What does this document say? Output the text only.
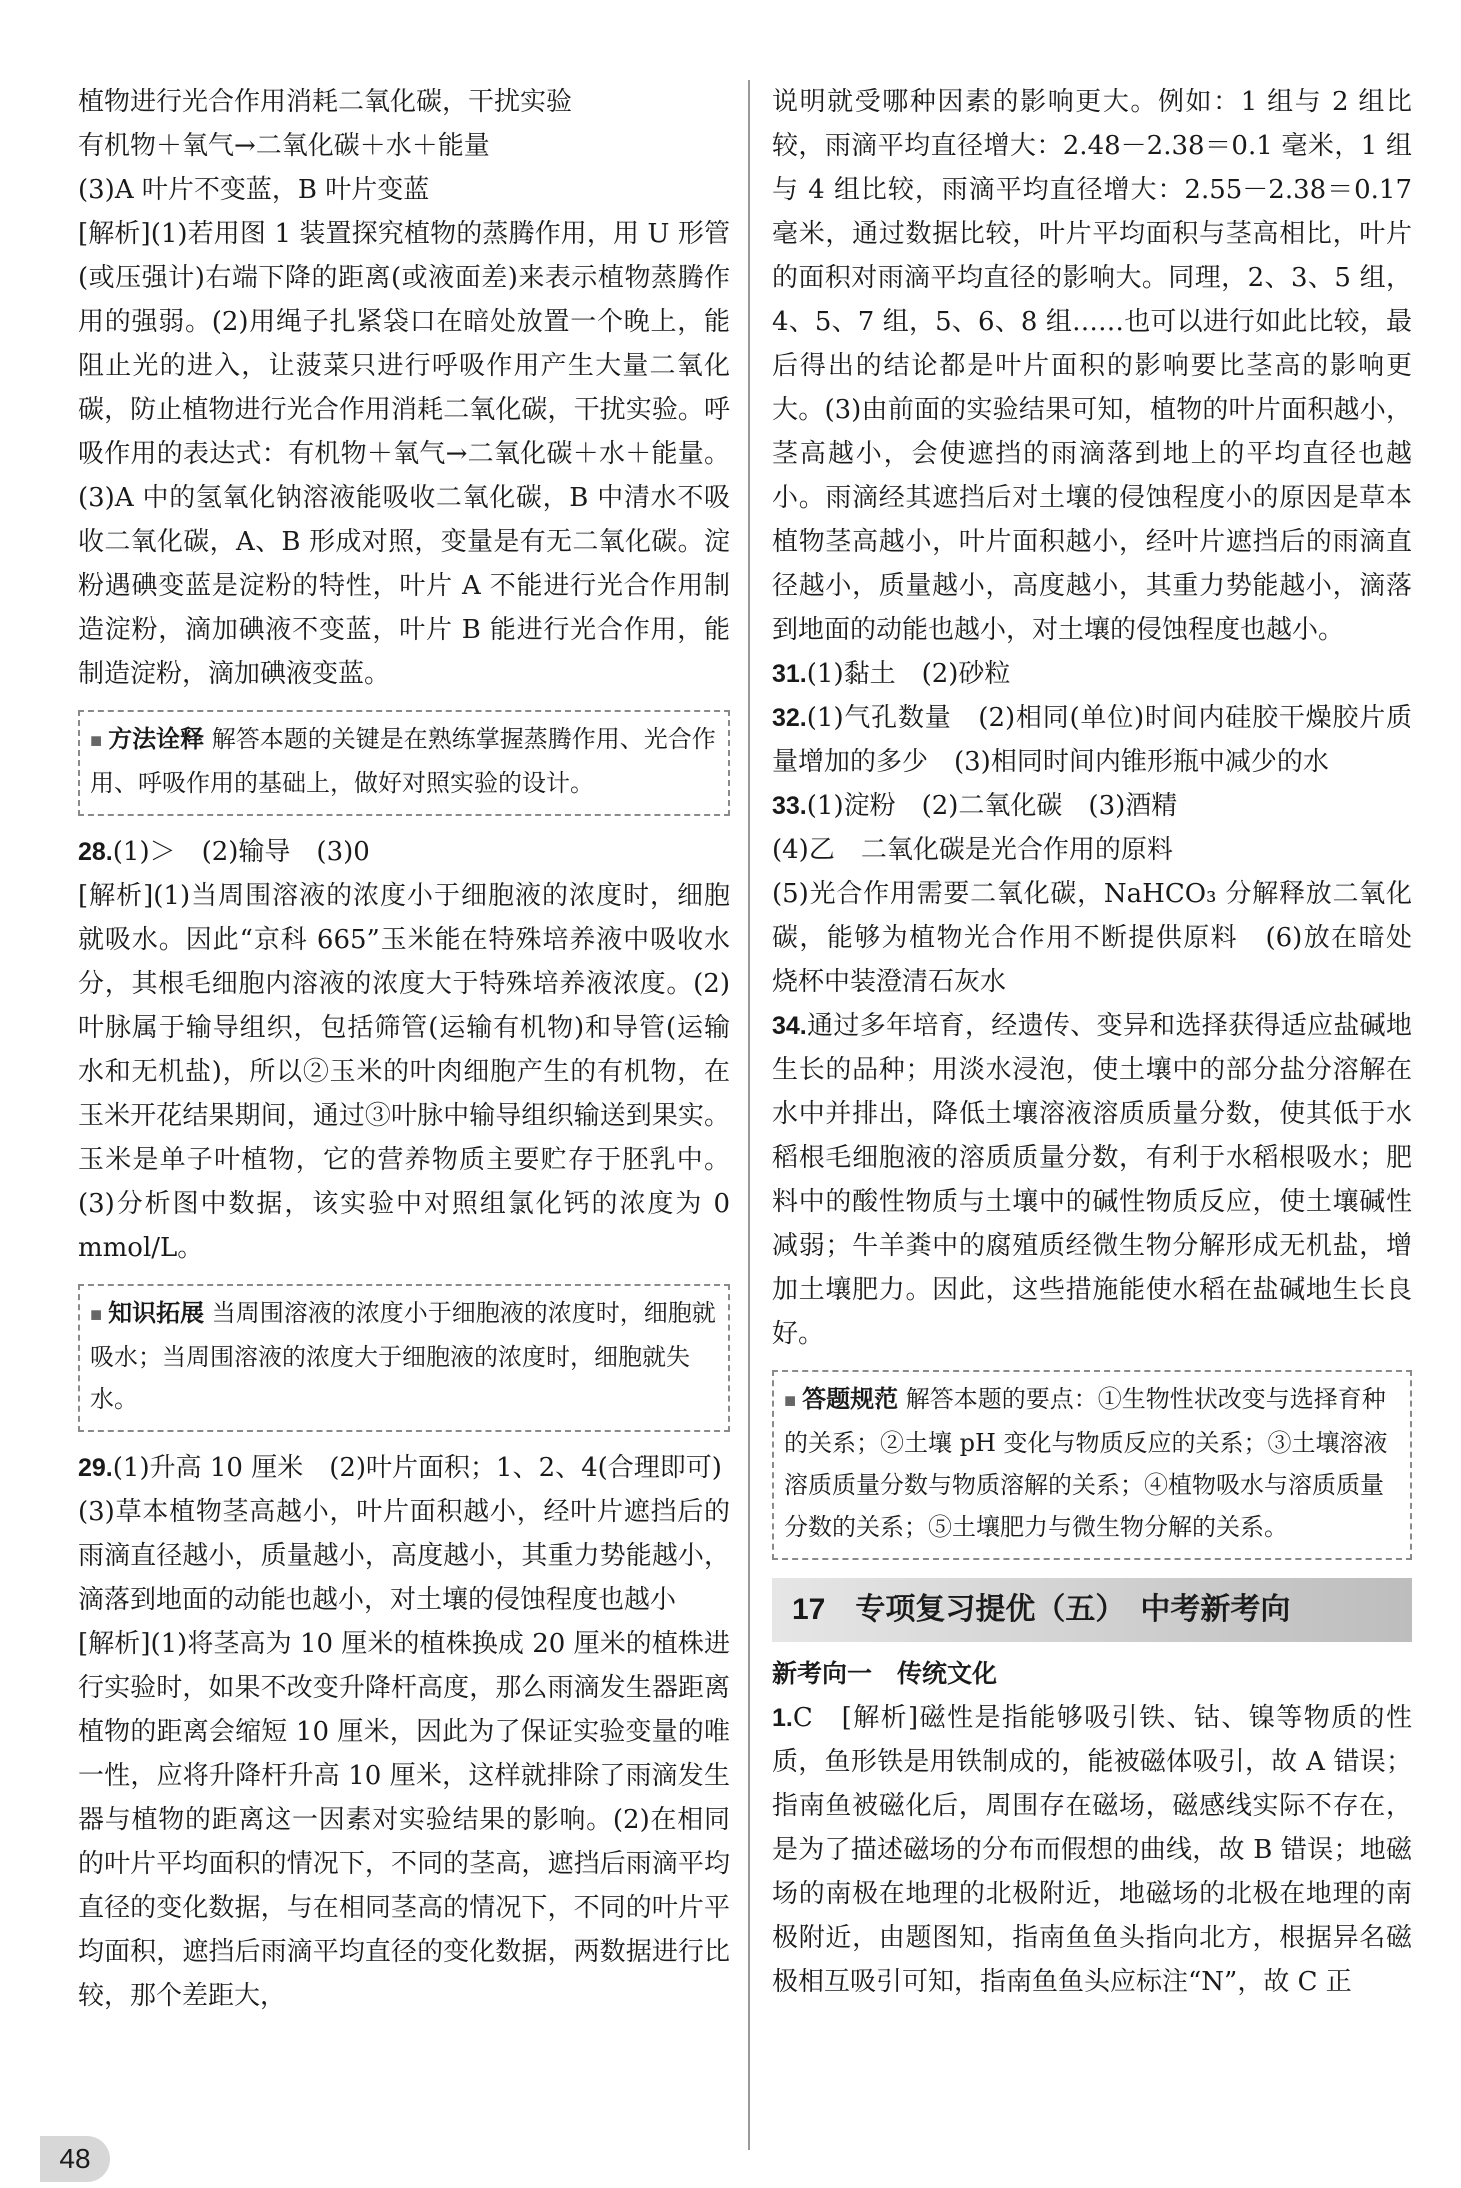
植物进行光合作用消耗二氧化碳，干扰实验

有机物＋氧气→二氧化碳＋水＋能量

(3)A 叶片不变蓝，B 叶片变蓝

[解析](1)若用图 1 装置探究植物的蒸腾作用，用 U 形管(或压强计)右端下降的距离(或液面差)来表示植物蒸腾作用的强弱。(2)用绳子扎紧袋口在暗处放置一个晚上，能阻止光的进入，让菠菜只进行呼吸作用产生大量二氧化碳，防止植物进行光合作用消耗二氧化碳，干扰实验。呼吸作用的表达式：有机物＋氧气→二氧化碳＋水＋能量。(3)A 中的氢氧化钠溶液能吸收二氧化碳，B 中清水不吸收二氧化碳，A、B 形成对照，变量是有无二氧化碳。淀粉遇碘变蓝是淀粉的特性，叶片 A 不能进行光合作用制造淀粉，滴加碘液不变蓝，叶片 B 能进行光合作用，能制造淀粉，滴加碘液变蓝。

■ 方法诠释 解答本题的关键是在熟练掌握蒸腾作用、光合作用、呼吸作用的基础上，做好对照实验的设计。

28.(1)＞　(2)输导　(3)0

[解析](1)当周围溶液的浓度小于细胞液的浓度时，细胞就吸水。因此“京科 665”玉米能在特殊培养液中吸收水分，其根毛细胞内溶液的浓度大于特殊培养液浓度。(2)叶脉属于输导组织，包括筛管(运输有机物)和导管(运输水和无机盐)，所以②玉米的叶肉细胞产生的有机物，在玉米开花结果期间，通过③叶脉中输导组织输送到果实。玉米是单子叶植物，它的营养物质主要贮存于胚乳中。(3)分析图中数据，该实验中对照组氯化钙的浓度为 0 mmol/L。

■ 知识拓展 当周围溶液的浓度小于细胞液的浓度时，细胞就吸水；当周围溶液的浓度大于细胞液的浓度时，细胞就失水。

29.(1)升高 10 厘米　(2)叶片面积；1、2、4(合理即可)

(3)草本植物茎高越小，叶片面积越小，经叶片遮挡后的雨滴直径越小，质量越小，高度越小，其重力势能越小，滴落到地面的动能也越小，对土壤的侵蚀程度也越小

[解析](1)将茎高为 10 厘米的植株换成 20 厘米的植株进行实验时，如果不改变升降杆高度，那么雨滴发生器距离植物的距离会缩短 10 厘米，因此为了保证实验变量的唯一性，应将升降杆升高 10 厘米，这样就排除了雨滴发生器与植物的距离这一因素对实验结果的影响。(2)在相同的叶片平均面积的情况下，不同的茎高，遮挡后雨滴平均直径的变化数据，与在相同茎高的情况下，不同的叶片平均面积，遮挡后雨滴平均直径的变化数据，两数据进行比较，那个差距大，

说明就受哪种因素的影响更大。例如：1 组与 2 组比较，雨滴平均直径增大：2.48－2.38＝0.1 毫米，1 组与 4 组比较，雨滴平均直径增大：2.55－2.38＝0.17 毫米，通过数据比较，叶片平均面积与茎高相比，叶片的面积对雨滴平均直径的影响大。同理，2、3、5 组，4、5、7 组，5、6、8 组……也可以进行如此比较，最后得出的结论都是叶片面积的影响要比茎高的影响更大。(3)由前面的实验结果可知，植物的叶片面积越小，茎高越小，会使遮挡的雨滴落到地上的平均直径也越小。雨滴经其遮挡后对土壤的侵蚀程度小的原因是草本植物茎高越小，叶片面积越小，经叶片遮挡后的雨滴直径越小，质量越小，高度越小，其重力势能越小，滴落到地面的动能也越小，对土壤的侵蚀程度也越小。

31.(1)黏土　(2)砂粒

32.(1)气孔数量　(2)相同(单位)时间内硅胶干燥胶片质量增加的多少　(3)相同时间内锥形瓶中减少的水

33.(1)淀粉　(2)二氧化碳　(3)酒精

(4)乙　二氧化碳是光合作用的原料

(5)光合作用需要二氧化碳，NaHCO₃ 分解释放二氧化碳，能够为植物光合作用不断提供原料　(6)放在暗处　烧杯中装澄清石灰水

34.通过多年培育，经遗传、变异和选择获得适应盐碱地生长的品种；用淡水浸泡，使土壤中的部分盐分溶解在水中并排出，降低土壤溶液溶质质量分数，使其低于水稻根毛细胞液的溶质质量分数，有利于水稻根吸水；肥料中的酸性物质与土壤中的碱性物质反应，使土壤碱性减弱；牛羊粪中的腐殖质经微生物分解形成无机盐，增加土壤肥力。因此，这些措施能使水稻在盐碱地生长良好。

■ 答题规范 解答本题的要点：①生物性状改变与选择育种的关系；②土壤 pH 变化与物质反应的关系；③土壤溶液溶质质量分数与物质溶解的关系；④植物吸水与溶质质量分数的关系；⑤土壤肥力与微生物分解的关系。
17　专项复习提优（五）　中考新考向
新考向一　传统文化

1.C　[解析]磁性是指能够吸引铁、钴、镍等物质的性质，鱼形铁是用铁制成的，能被磁体吸引，故 A 错误；指南鱼被磁化后，周围存在磁场，磁感线实际不存在，是为了描述磁场的分布而假想的曲线，故 B 错误；地磁场的南极在地理的北极附近，地磁场的北极在地理的南极附近，由题图知，指南鱼鱼头指向北方，根据异名磁极相互吸引可知，指南鱼鱼头应标注“N”，故 C 正

48
